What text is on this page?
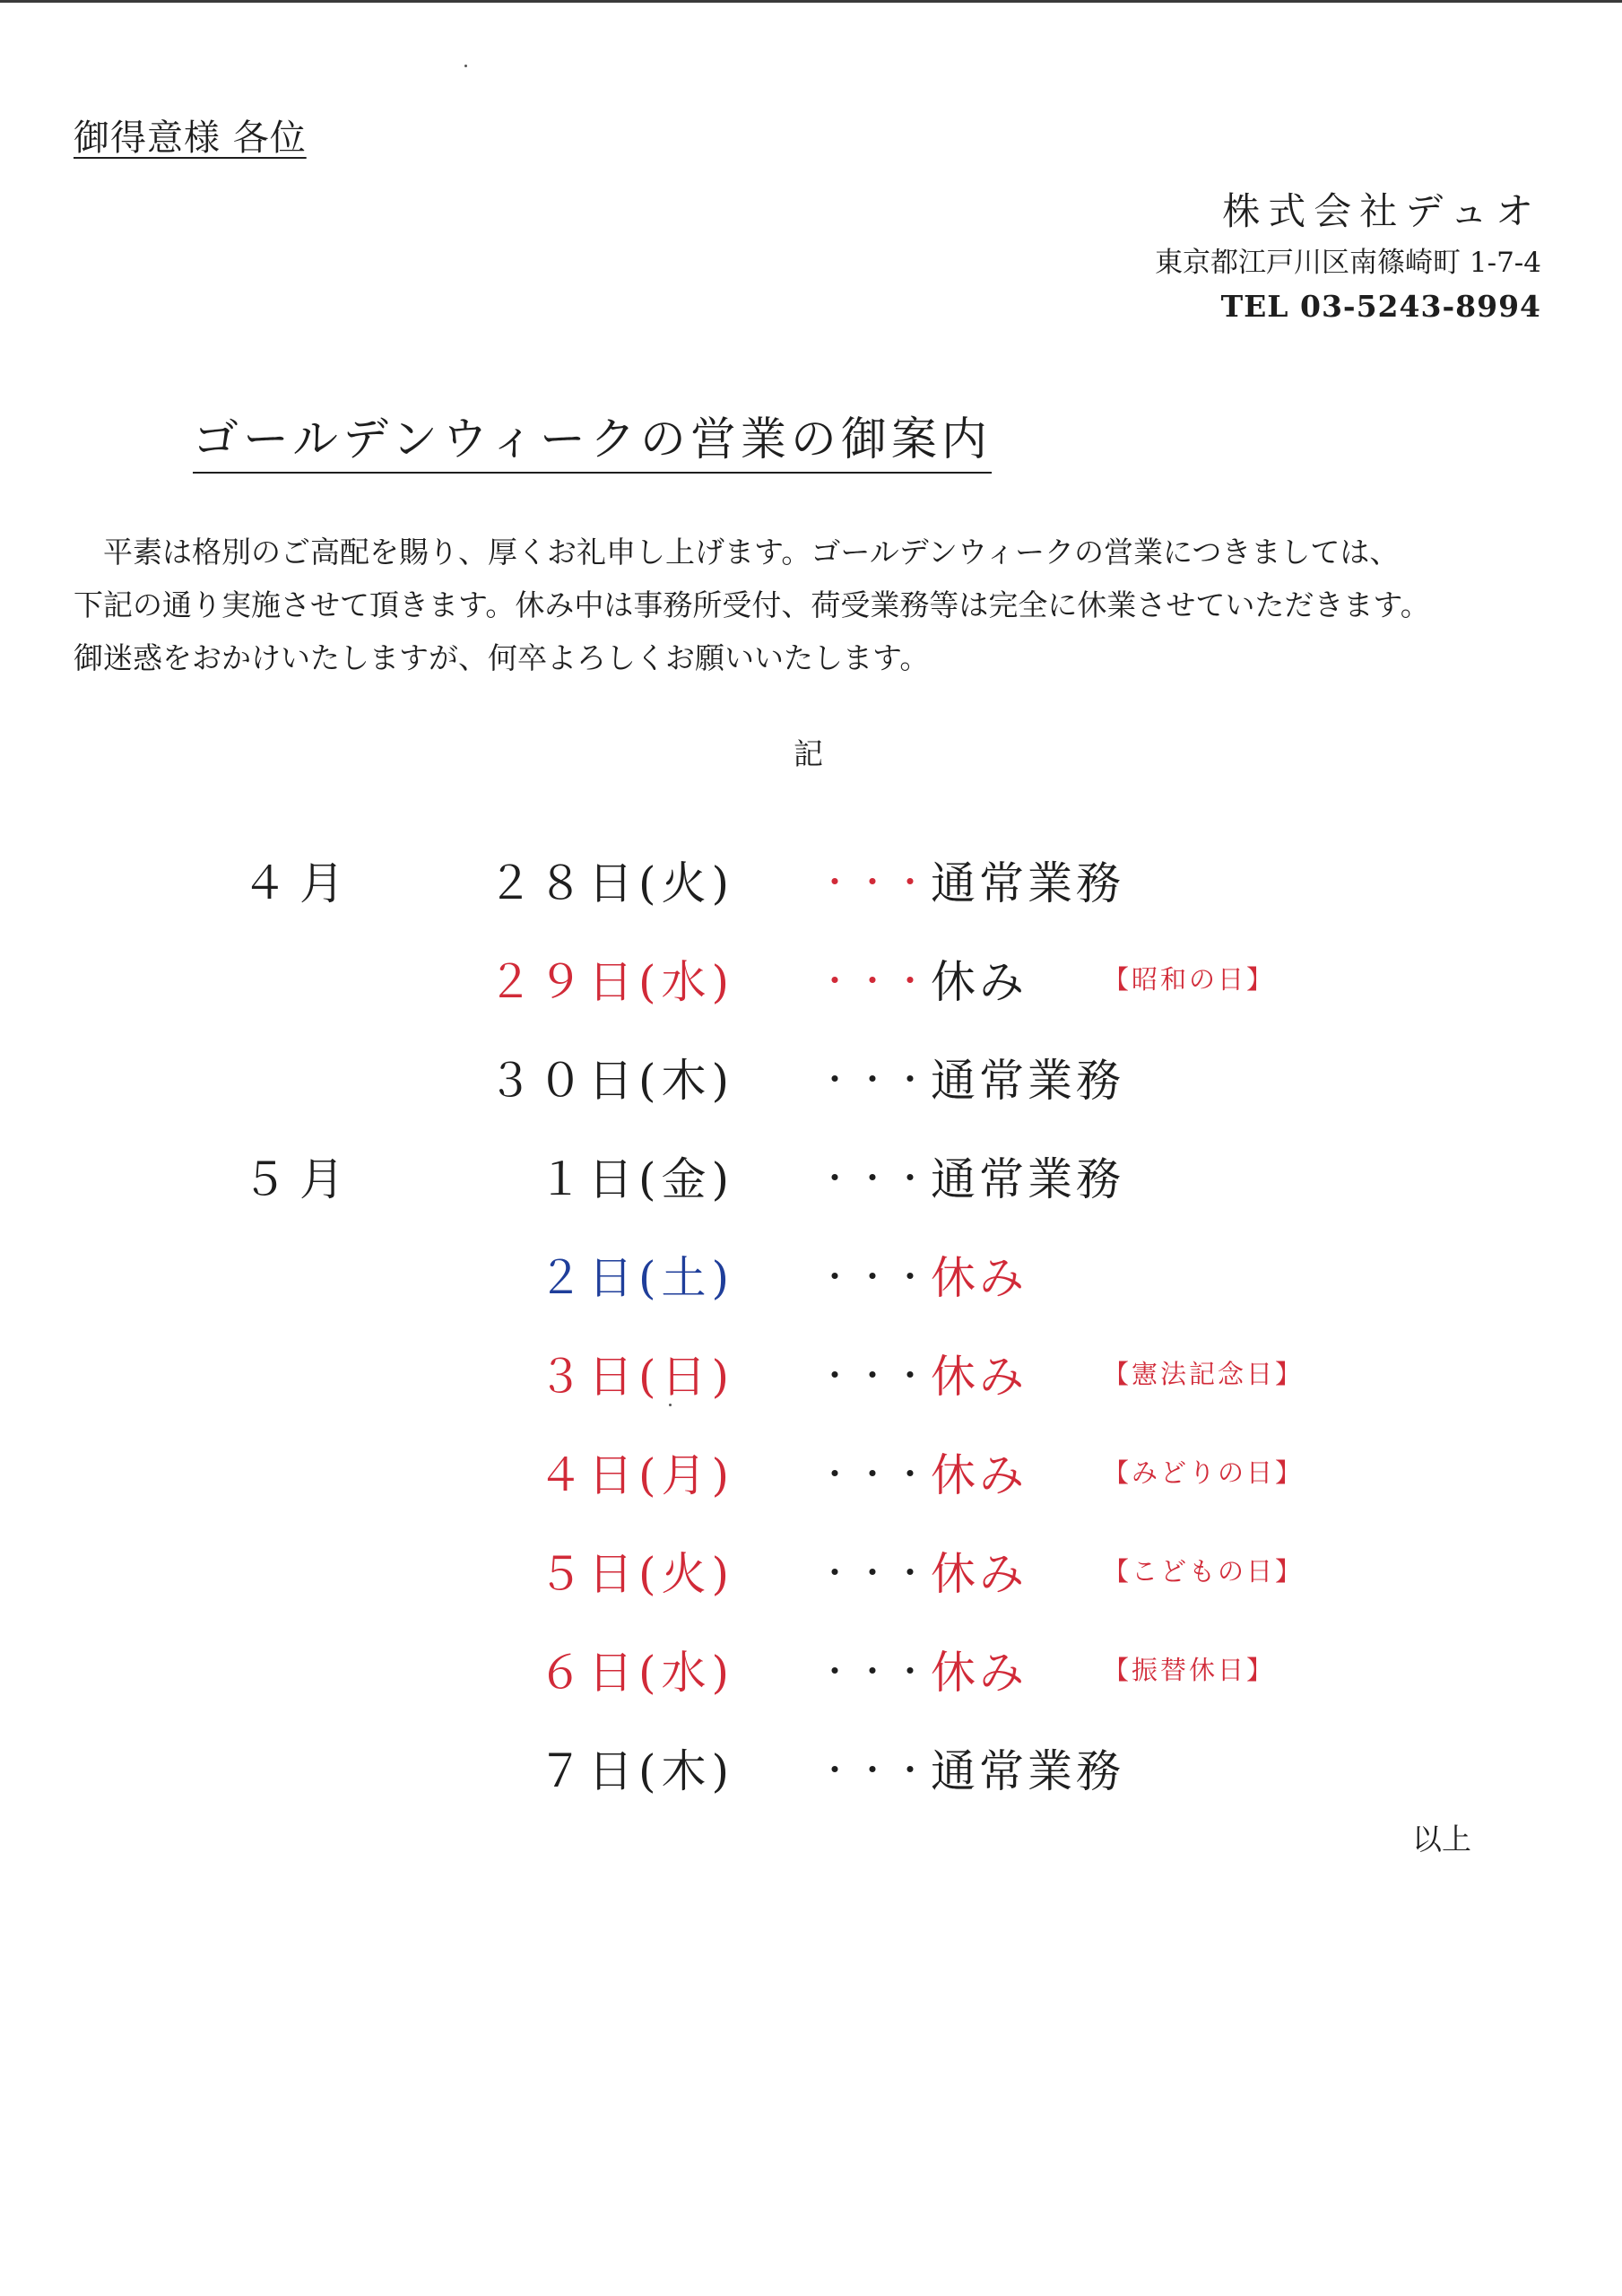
御得意様 各位
株式会社デュオ
東京都江戸川区南篠崎町 1-7-4
TEL 03-5243-8994
ゴールデンウィークの営業の御案内
　平素は格別のご高配を賜り、厚くお礼申し上げます。ゴールデンウィークの営業につきましては、
下記の通り実施させて頂きます。休み中は事務所受付、荷受業務等は完全に休業させていただきます。
御迷惑をおかけいたしますが、何卒よろしくお願いいたします。
記
４月	２８日(火) ・・・ 通常業務
２９日(水) ・・・ 休み	【昭和の日】
３０日(木) ・・・ 通常業務
５月	１日(金) ・・・ 通常業務
２日(土) ・・・ 休み
３日(日) ・・・ 休み	【憲法記念日】
４日(月) ・・・ 休み	【みどりの日】
５日(火) ・・・ 休み	【こどもの日】
６日(水) ・・・ 休み	【振替休日】
７日(木) ・・・ 通常業務
以上
